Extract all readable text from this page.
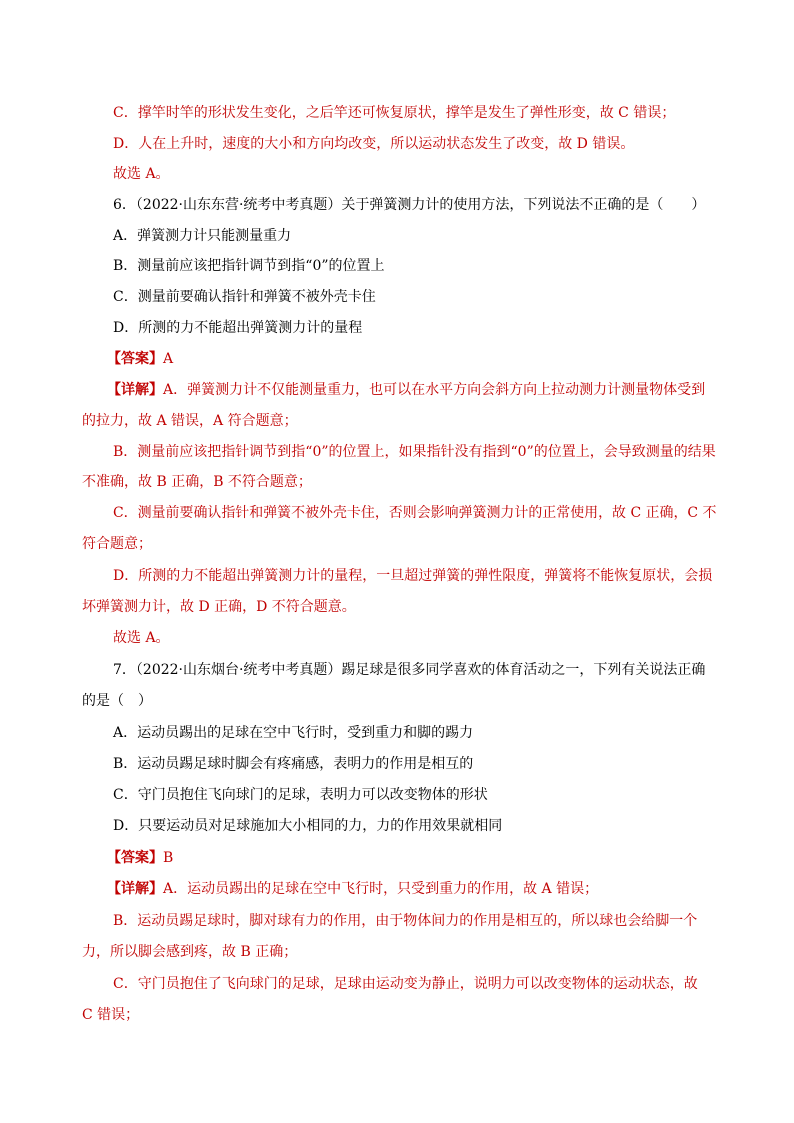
C．撑竿时竿的形状发生变化，之后竿还可恢复原状，撑竿是发生了弹性形变，故 C 错误；
D．人在上升时，速度的大小和方向均改变，所以运动状态发生了改变，故 D 错误。
故选 A。
6．（2022·山东东营·统考中考真题）关于弹簧测力计的使用方法，下列说法不正确的是（　　）
A．弹簧测力计只能测量重力
B．测量前应该把指针调节到指“0”的位置上
C．测量前要确认指针和弹簧不被外壳卡住
D．所测的力不能超出弹簧测力计的量程
【答案】A
【详解】A．弹簧测力计不仅能测量重力，也可以在水平方向会斜方向上拉动测力计测量物体受到
的拉力，故 A 错误，A 符合题意；
B．测量前应该把指针调节到指“0”的位置上，如果指针没有指到“0”的位置上，会导致测量的结果
不准确，故 B 正确，B 不符合题意；
C．测量前要确认指针和弹簧不被外壳卡住，否则会影响弹簧测力计的正常使用，故 C 正确，C 不
符合题意；
D．所测的力不能超出弹簧测力计的量程，一旦超过弹簧的弹性限度，弹簧将不能恢复原状，会损
坏弹簧测力计，故 D 正确，D 不符合题意。
故选 A。
7．（2022·山东烟台·统考中考真题）踢足球是很多同学喜欢的体育活动之一，下列有关说法正确
的是（　）
A．运动员踢出的足球在空中飞行时，受到重力和脚的踢力
B．运动员踢足球时脚会有疼痛感，表明力的作用是相互的
C．守门员抱住飞向球门的足球，表明力可以改变物体的形状
D．只要运动员对足球施加大小相同的力，力的作用效果就相同
【答案】B
【详解】A．运动员踢出的足球在空中飞行时，只受到重力的作用，故 A 错误；
B．运动员踢足球时，脚对球有力的作用，由于物体间力的作用是相互的，所以球也会给脚一个
力，所以脚会感到疼，故 B 正确；
C．守门员抱住了飞向球门的足球，足球由运动变为静止，说明力可以改变物体的运动状态，故
C 错误；
